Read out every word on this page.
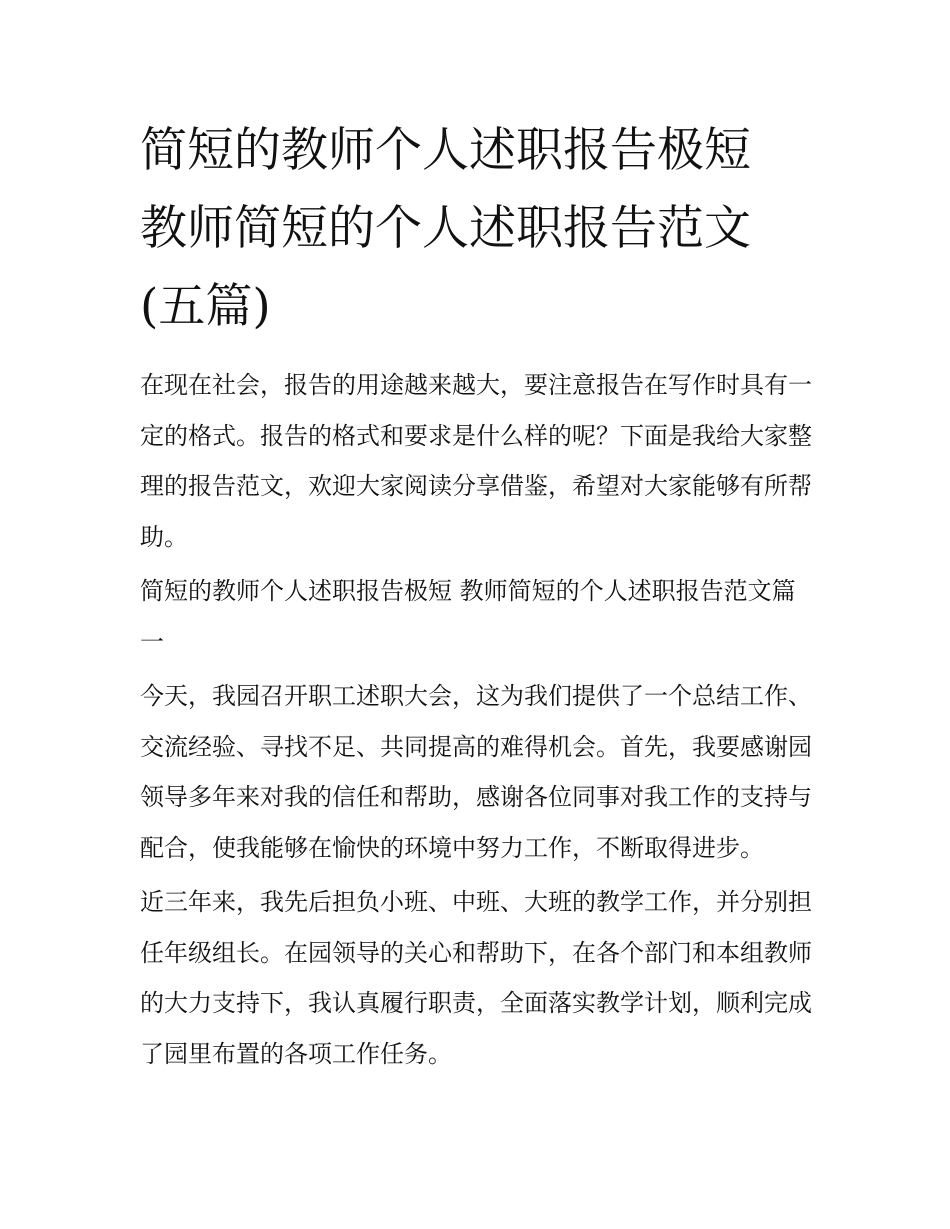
简短的教师个人述职报告极短
教师简短的个人述职报告范文
(五篇)

在现在社会，报告的用途越来越大，要注意报告在写作时具有一定的格式。报告的格式和要求是什么样的呢？下面是我给大家整理的报告范文，欢迎大家阅读分享借鉴，希望对大家能够有所帮助。

简短的教师个人述职报告极短 教师简短的个人述职报告范文篇一

今天，我园召开职工述职大会，这为我们提供了一个总结工作、交流经验、寻找不足、共同提高的难得机会。首先，我要感谢园领导多年来对我的信任和帮助，感谢各位同事对我工作的支持与配合，使我能够在愉快的环境中努力工作，不断取得进步。

近三年来，我先后担负小班、中班、大班的教学工作，并分别担任年级组长。在园领导的关心和帮助下，在各个部门和本组教师的大力支持下，我认真履行职责，全面落实教学计划，顺利完成了园里布置的各项工作任务。
